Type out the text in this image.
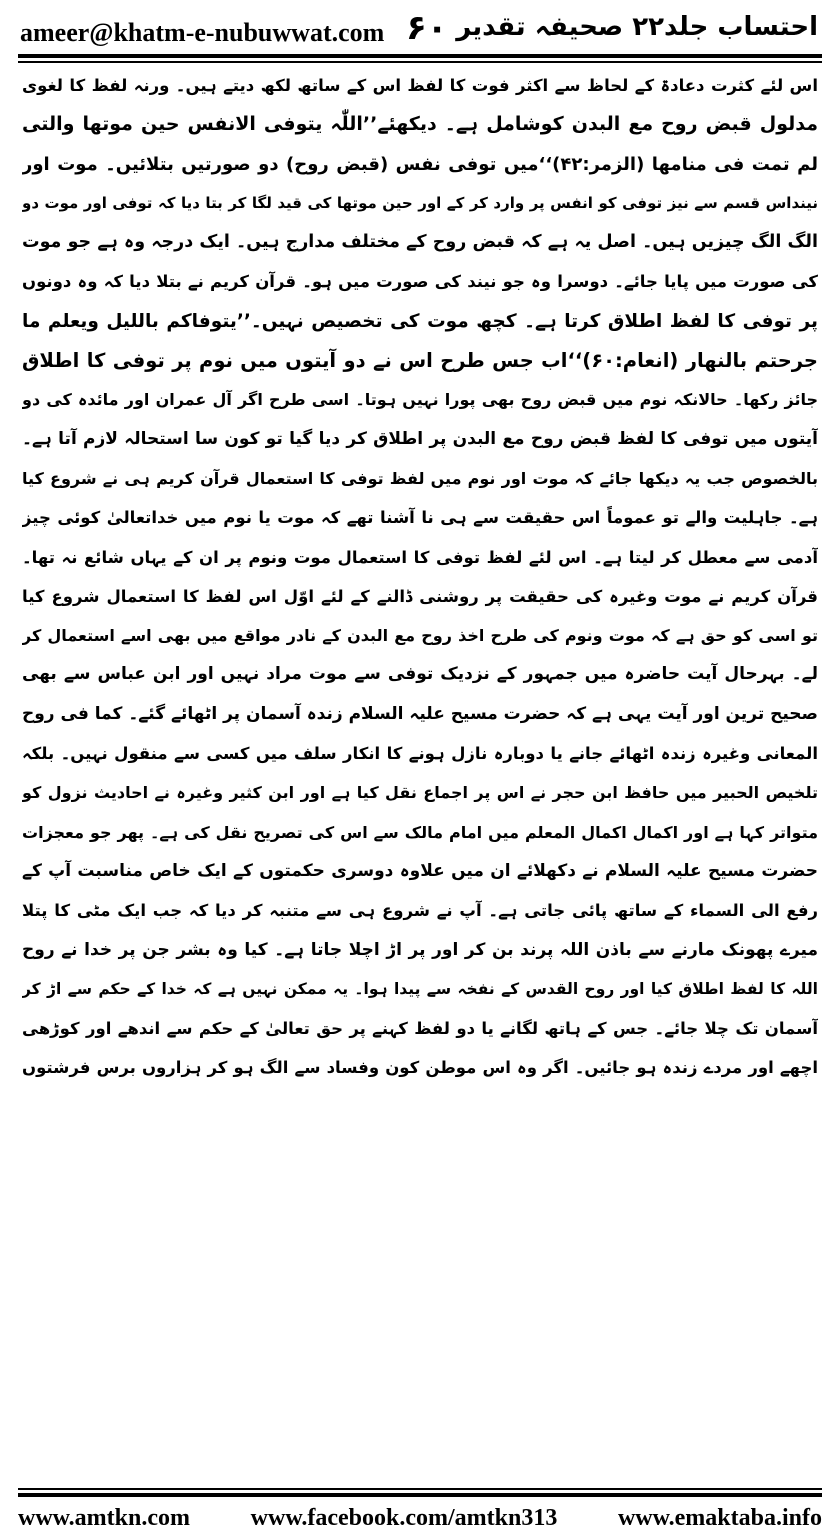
ameer@khatm-e-nubuwwat.com ۶۰ احتساب جلد۲۲ صحیفہ تقدیر
اس لئے کثرت دعادۃ کے لحاظ سے اکثر فوت کا لفظ اس کے ساتھ لکھ دیتے ہیں۔ ورنہ لفظ کا لغوی
مدلول قبض روح مع البدن کوشامل ہے۔ دیکھئے’’اللّٰہ یتوفی الانفس حین موتھا والتی
لم تمت فی منامھا (الزمر:۴۲)‘‘میں توفی نفس (قبض روح) دو صورتیں بتلائیں۔ موت اور
نینداس قسم سے نیز توفی کو انفس پر وارد کر کے اور حین موتھا کی قید لگا کر بتا دیا کہ توفی اور موت دو
الگ الگ چیزیں ہیں۔ اصل یہ ہے کہ قبض روح کے مختلف مدارج ہیں۔ ایک درجہ وہ ہے جو موت
کی صورت میں پایا جائے۔ دوسرا وہ جو نیند کی صورت میں ہو۔ قرآن کریم نے بتلا دیا کہ وہ دونوں
پر توفی کا لفظ اطلاق کرتا ہے۔ کچھ موت کی تخصیص نہیں۔’’یتوفاکم باللیل ویعلم ما
جرحتم بالنھار (انعام:۶۰)‘‘اب جس طرح اس نے دو آیتوں میں نوم پر توفی کا اطلاق
جائز رکھا۔ حالانکہ نوم میں قبض روح بھی پورا نہیں ہوتا۔ اسی طرح اگر آل عمران اور مائدہ کی دو
آیتوں میں توفی کا لفظ قبض روح مع البدن پر اطلاق کر دیا گیا تو کون سا استحالہ لازم آتا ہے۔
بالخصوص جب یہ دیکھا جائے کہ موت اور نوم میں لفظ توفی کا استعمال قرآن کریم ہی نے شروع کیا
ہے۔ جاہلیت والے تو عموماً اس حقیقت سے ہی نا آشنا تھے کہ موت یا نوم میں خداتعالیٰ کوئی چیز
آدمی سے معطل کر لیتا ہے۔ اس لئے لفظ توفی کا استعمال موت ونوم پر ان کے یہاں شائع نہ تھا۔
قرآن کریم نے موت وغیرہ کی حقیقت پر روشنی ڈالنے کے لئے اوّل اس لفظ کا استعمال شروع کیا
تو اسی کو حق ہے کہ موت ونوم کی طرح اخذ روح مع البدن کے نادر مواقع میں بھی اسے استعمال کر
لے۔ بہرحال آیت حاضرہ میں جمہور کے نزدیک توفی سے موت مراد نہیں اور ابن عباس سے بھی
صحیح ترین اور آیت یہی ہے کہ حضرت مسیح علیہ السلام زندہ آسمان پر اٹھائے گئے۔ کما فی روح
المعانی وغیرہ زندہ اٹھائے جانے یا دوبارہ نازل ہونے کا انکار سلف میں کسی سے منقول نہیں۔ بلکہ
تلخیص الحبیر میں حافظ ابن حجر نے اس پر اجماع نقل کیا ہے اور ابن کثیر وغیرہ نے احادیث نزول کو
متواتر کہا ہے اور اکمال اکمال المعلم میں امام مالک سے اس کی تصریح نقل کی ہے۔ پھر جو معجزات
حضرت مسیح علیہ السلام نے دکھلائے ان میں علاوہ دوسری حکمتوں کے ایک خاص مناسبت آپ کے
رفع الی السماء کے ساتھ پائی جاتی ہے۔ آپ نے شروع ہی سے متنبہ کر دیا کہ جب ایک مٹی کا پتلا
میرے پھونک مارنے سے باذن اللہ پرند بن کر اور پر اڑ اچلا جاتا ہے۔ کیا وہ بشر جن پر خدا نے روح
اللہ کا لفظ اطلاق کیا اور روح القدس کے نفخہ سے پیدا ہوا۔ یہ ممکن نہیں ہے کہ خدا کے حکم سے اڑ کر
آسمان تک چلا جائے۔ جس کے ہاتھ لگانے یا دو لفظ کہنے پر حق تعالیٰ کے حکم سے اندھے اور کوڑھی
اچھے اور مردے زندہ ہو جائیں۔ اگر وہ اس موطن کون وفساد سے الگ ہو کر ہزاروں برس فرشتوں
www.amtkn.com	www.facebook.com/amtkn313	www.emaktaba.info
